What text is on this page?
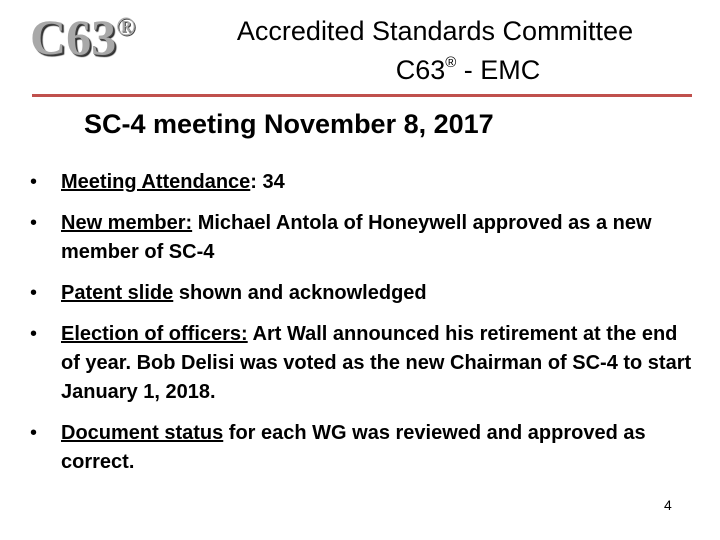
C63®	Accredited Standards Committee
C63® - EMC
SC-4 meeting November 8, 2017
• Meeting Attendance: 34
• New member: Michael Antola of Honeywell approved as a new member of SC-4
• Patent slide shown and acknowledged
• Election of officers: Art Wall announced his retirement at the end of year. Bob Delisi was voted as the new Chairman of SC-4 to start January 1, 2018.
• Document status for each WG was reviewed and approved as correct.
4
